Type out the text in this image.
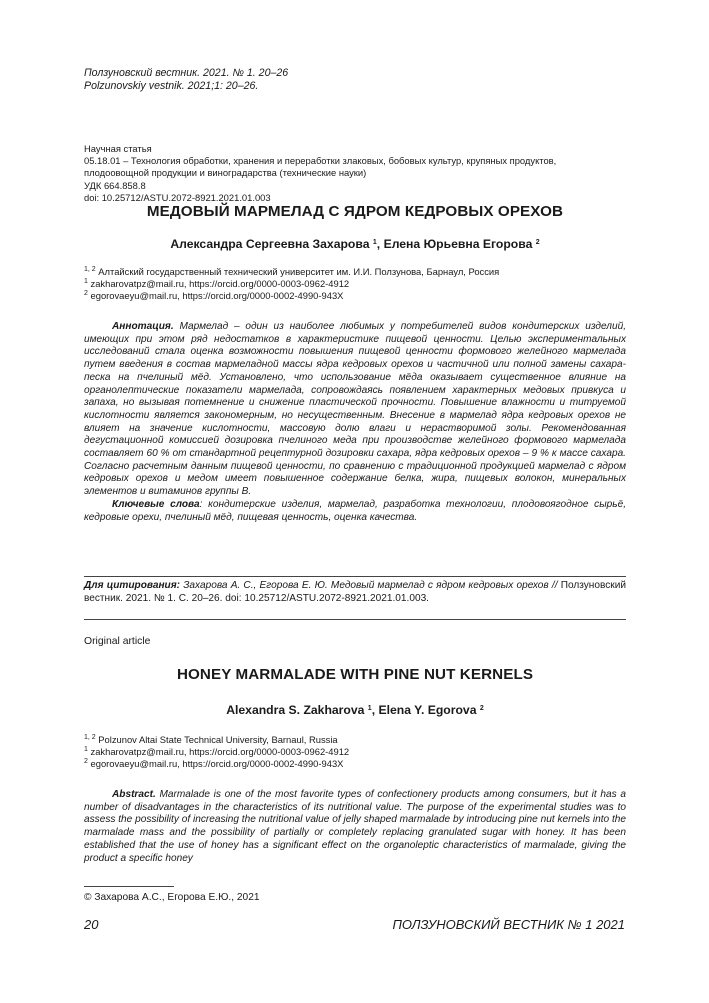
Ползуновский вестник. 2021. № 1. 20–26
Polzunovskiy vestnik. 2021;1: 20–26.
Научная статья
05.18.01 – Технология обработки, хранения и переработки злаковых, бобовых культур, крупяных продуктов,
плодоовощной продукции и виноградарства (технические науки)
УДК 664.858.8
doi: 10.25712/ASTU.2072-8921.2021.01.003
МЕДОВЫЙ МАРМЕЛАД С ЯДРОМ КЕДРОВЫХ ОРЕХОВ
Александра Сергеевна Захарова $^1$, Елена Юрьевна Егорова $^2$
$^{1, 2}$ Алтайский государственный технический университет им. И.И. Ползунова, Барнаул, Россия
$^1$ zakharovatpz@mail.ru, https://orcid.org/0000-0003-0962-4912
$^2$ egorovaeyu@mail.ru, https://orcid.org/0000-0002-4990-943X

Аннотация. Мармелад – один из наиболее любимых у потребителей видов кондитерских изделий, имеющих при этом ряд недостатков в характеристике пищевой ценности. Целью экспериментальных исследований стала оценка возможности повышения пищевой ценности формового желейного мармелада путем введения в состав мармеладной массы ядра кедровых орехов и частичной или полной замены сахара-песка на пчелиный мёд. Установлено, что использование мёда оказывает существенное влияние на органолептические показатели мармелада, сопровождаясь появлением характерных медовых привкуса и запаха, но вызывая потемнение и снижение пластической прочности. Повышение влажности и титруемой кислотности является закономерным, но несущественным. Внесение в мармелад ядра кедровых орехов не влияет на значение кислотности, массовую долю влаги и нерастворимой золы. Рекомендованная дегустационной комиссией дозировка пчелиного меда при производстве желейного формового мармелада составляет 60 % от стандартной рецептурной дозировки сахара, ядра кедровых орехов – 9 % к массе сахара. Согласно расчетным данным пищевой ценности, по сравнению с традиционной продукцией мармелад с ядром кедровых орехов и медом имеет повышенное содержание белка, жира, пищевых волокон, минеральных элементов и витаминов группы B.

Ключевые слова: кондитерские изделия, мармелад, разработка технологии, плодовоягодное сырьё, кедровые орехи, пчелиный мёд, пищевая ценность, оценка качества.

Для цитирования: Захарова А. С., Егорова Е. Ю. Медовый мармелад с ядром кедровых орехов // Ползуновский вестник. 2021. № 1. С. 20–26. doi: 10.25712/ASTU.2072-8921.2021.01.003.
Original article
HONEY MARMALADE WITH PINE NUT KERNELS
Alexandra S. Zakharova $^1$, Elena Y. Egorova $^2$
$^{1, 2}$ Polzunov Altai State Technical University, Barnaul, Russia
$^1$ zakharovatpz@mail.ru, https://orcid.org/0000-0003-0962-4912
$^2$ egorovaeyu@mail.ru, https://orcid.org/0000-0002-4990-943X

Abstract. Marmalade is one of the most favorite types of confectionery products among consumers, but it has a number of disadvantages in the characteristics of its nutritional value. The purpose of the experimental studies was to assess the possibility of increasing the nutritional value of jelly shaped marmalade by introducing pine nut kernels into the marmalade mass and the possibility of partially or completely replacing granulated sugar with honey. It has been established that the use of honey has a significant effect on the organoleptic characteristics of marmalade, giving the product a specific honey

© Захарова А.С., Егорова Е.Ю., 2021
20	ПОЛЗУНОВСКИЙ ВЕСТНИК № 1 2021
